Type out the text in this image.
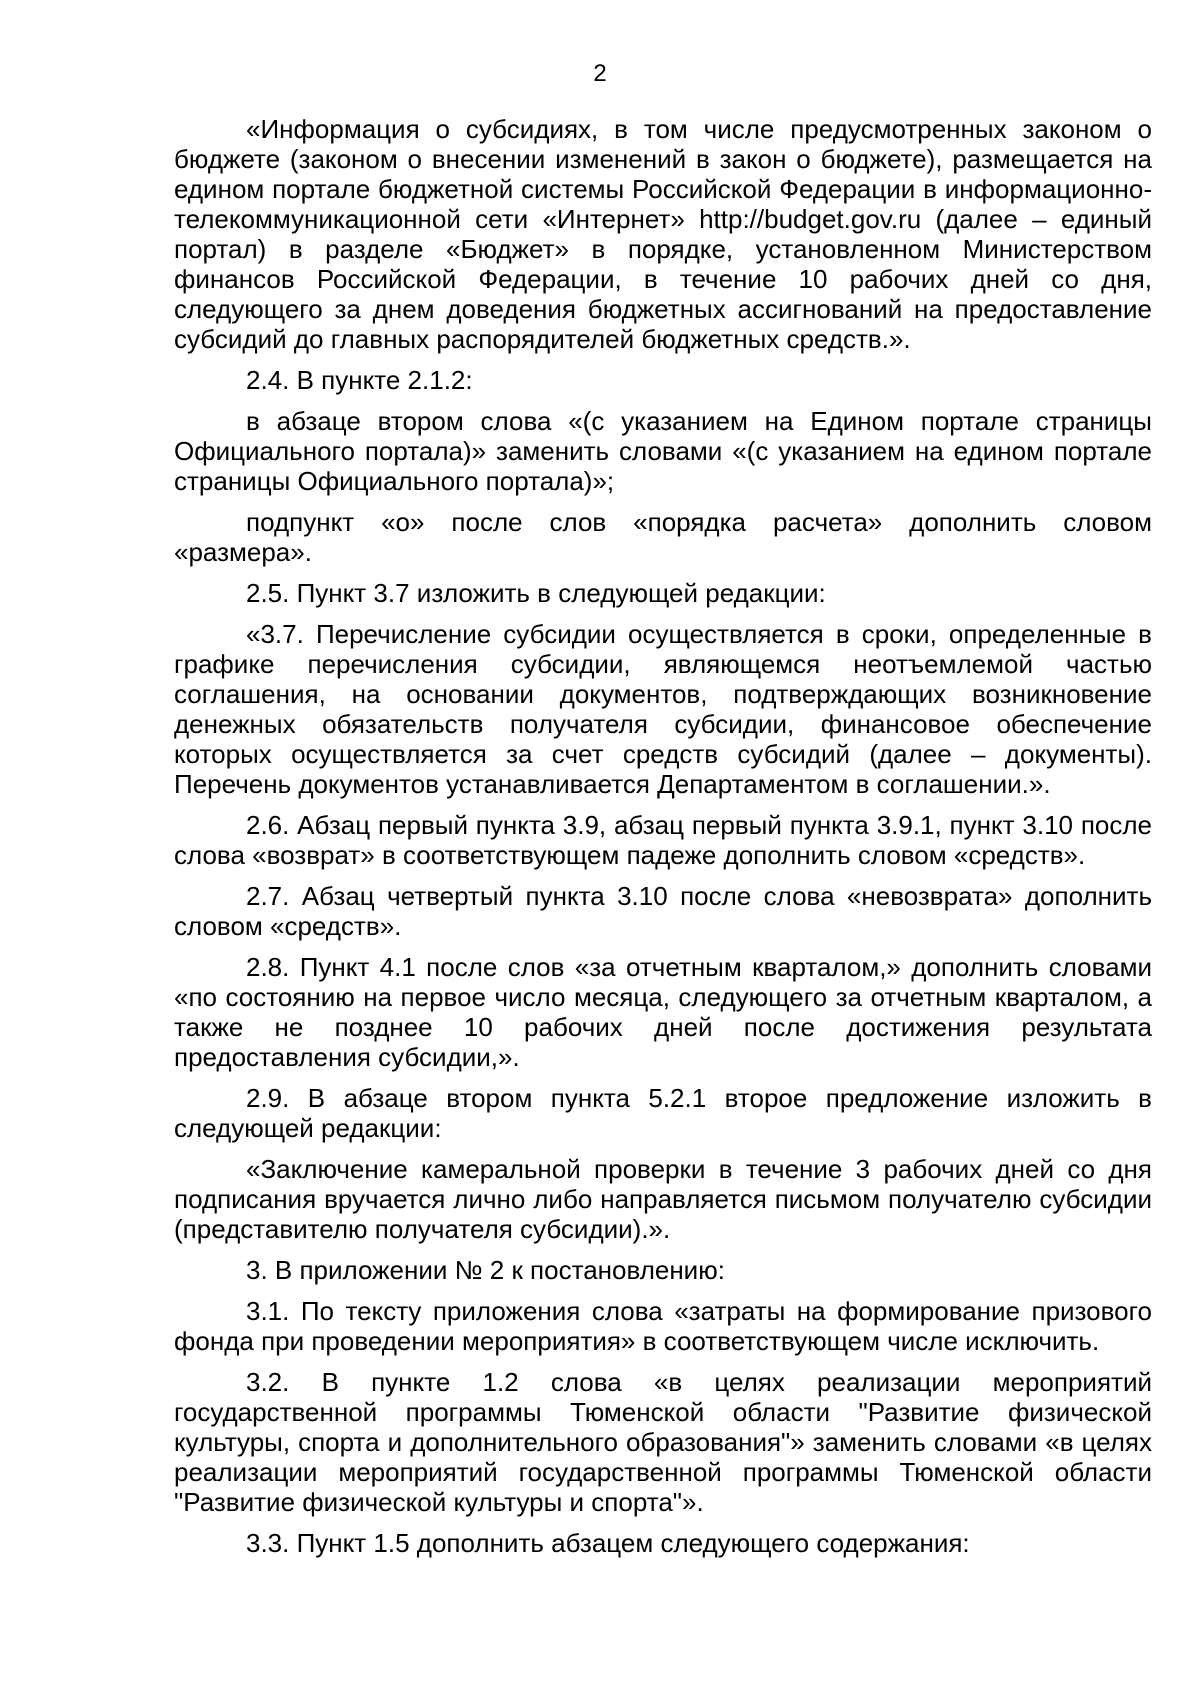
2

«Информация о субсидиях, в том числе предусмотренных законом о бюджете (законом о внесении изменений в закон о бюджете), размещается на едином портале бюджетной системы Российской Федерации в информационно-телекоммуникационной сети «Интернет» http://budget.gov.ru (далее – единый портал) в разделе «Бюджет» в порядке, установленном Министерством финансов Российской Федерации, в течение 10 рабочих дней со дня, следующего за днем доведения бюджетных ассигнований на предоставление субсидий до главных распорядителей бюджетных средств.».

2.4. В пункте 2.1.2:

в абзаце втором слова «(с указанием на Едином портале страницы Официального портала)» заменить словами «(с указанием на едином портале страницы Официального портала)»;

подпункт «о» после слов «порядка расчета» дополнить словом «размера».

2.5. Пункт 3.7 изложить в следующей редакции:

«3.7. Перечисление субсидии осуществляется в сроки, определенные в графике перечисления субсидии, являющемся неотъемлемой частью соглашения, на основании документов, подтверждающих возникновение денежных обязательств получателя субсидии, финансовое обеспечение которых осуществляется за счет средств субсидий (далее – документы). Перечень документов устанавливается Департаментом в соглашении.».

2.6. Абзац первый пункта 3.9, абзац первый пункта 3.9.1, пункт 3.10 после слова «возврат» в соответствующем падеже дополнить словом «средств».

2.7. Абзац четвертый пункта 3.10 после слова «невозврата» дополнить словом «средств».

2.8. Пункт 4.1 после слов «за отчетным кварталом,» дополнить словами «по состоянию на первое число месяца, следующего за отчетным кварталом, а также не позднее 10 рабочих дней после достижения результата предоставления субсидии,».

2.9. В абзаце втором пункта 5.2.1 второе предложение изложить в следующей редакции:

«Заключение камеральной проверки в течение 3 рабочих дней со дня подписания вручается лично либо направляется письмом получателю субсидии (представителю получателя субсидии).».

3. В приложении № 2 к постановлению:

3.1. По тексту приложения слова «затраты на формирование призового фонда при проведении мероприятия» в соответствующем числе исключить.

3.2. В пункте 1.2 слова «в целях реализации мероприятий государственной программы Тюменской области "Развитие физической культуры, спорта и дополнительного образования"» заменить словами «в целях реализации мероприятий государственной программы Тюменской области "Развитие физической культуры и спорта"».

3.3. Пункт 1.5 дополнить абзацем следующего содержания:
